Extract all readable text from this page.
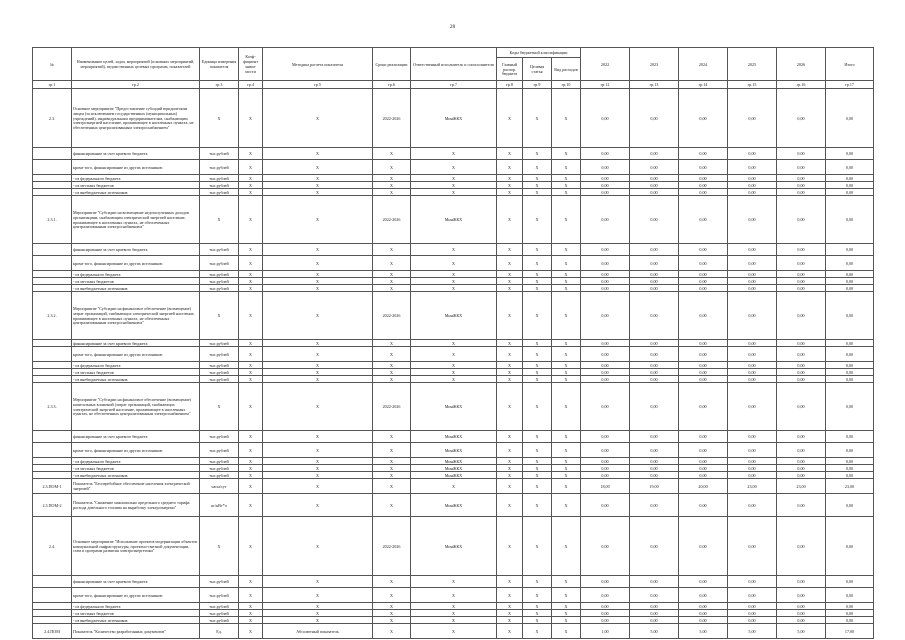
28
№	Наименование целей, задач, мероприятий (основных мероприятий, мероприятий), ведомственных целевых программ, показателей	Единица измерения показателя	Коэф-фициент значи-мости	Методика расчета показателя	Сроки реализации	Ответственный исполнитель и соисполнители	Коды бюджетной классификации			2022	2023	2024	2025	2026	Итого
							Главный распор. бюджета	Целевая статья	Вид расходов						
гр.1	гр.2	гр.3	гр.4	гр.5	гр.6	гр.7	гр.8	гр.9	гр.10	гр.12	гр.13	гр.14	гр.15	гр.16	гр.17
2.3.	Основное мероприятие "Предоставление субсидий юридическим лицам (за исключением государственных (муниципальных) учреждений), индивидуальным предпринимателям, снабжающим электроэнергией население, проживающее в населенных пунктах, не обеспеченных централизованным электроснабжением"	Х	Х	Х	2022-2026	МинЖКХ	Х	Х	Х	0,00	0,00	0,00	0,00	0,00	0,00
	финансирование за счет краевого бюджета	тыс.рублей	Х	Х	Х	Х	Х	Х	Х	0,00	0,00	0,00	0,00	0,00	0,00
	кроме того, финансирование из других источников:	тыс.рублей	Х	Х	Х	Х	Х	Х	Х	0,00	0,00	0,00	0,00	0,00	0,00
	- из федерального бюджета	тыс.рублей	Х	Х	Х	Х	Х	Х	Х	0,00	0,00	0,00	0,00	0,00	0,00
	- из местных бюджетов	тыс.рублей	Х	Х	Х	Х	Х	Х	Х	0,00	0,00	0,00	0,00	0,00	0,00
	- из внебюджетных источников	тыс.рублей	Х	Х	Х	Х	Х	Х	Х	0,00	0,00	0,00	0,00	0,00	0,00
2.3.1.	Мероприятие "Субсидии на возмещение недополученных доходов организациям, снабжающим электрической энергией население, проживающее в населенных пунктах, не обеспеченных централизованным электроснабжением"	Х	Х	Х	2022-2026	МинЖКХ	Х	Х	Х	0,00	0,00	0,00	0,00	0,00	0,00
	финансирование за счет краевого бюджета	тыс.рублей	Х	Х	Х	Х	Х	Х	Х	0,00	0,00	0,00	0,00	0,00	0,00
	кроме того, финансирование из других источников:	тыс.рублей	Х	Х	Х	Х	Х	Х	Х	0,00	0,00	0,00	0,00	0,00	0,00
	- из федерального бюджета	тыс.рублей	Х	Х	Х	Х	Х	Х	Х	0,00	0,00	0,00	0,00	0,00	0,00
	- из местных бюджетов	тыс.рублей	Х	Х	Х	Х	Х	Х	Х	0,00	0,00	0,00	0,00	0,00	0,00
	- из внебюджетных источников	тыс.рублей	Х	Х	Х	Х	Х	Х	Х	0,00	0,00	0,00	0,00	0,00	0,00
2.3.2.	Мероприятие "Субсидии на финансовое обеспечение (возмещение) затрат организаций, снабжающих электрической энергией население, проживающее в населенных пунктах, не обеспеченных централизованным электроснабжением"	Х	Х	Х	2022-2026	МинЖКХ	Х	Х	Х	0,00	0,00	0,00	0,00	0,00	0,00
	финансирование за счет краевого бюджета	тыс.рублей	Х	Х	Х	Х	Х	Х	Х	0,00	0,00	0,00	0,00	0,00	0,00
	кроме того, финансирование из других источников:	тыс.рублей	Х	Х	Х	Х	Х	Х	Х	0,00	0,00	0,00	0,00	0,00	0,00
	- из федерального бюджета	тыс.рублей	Х	Х	Х	Х	Х	Х	Х	0,00	0,00	0,00	0,00	0,00	0,00
	- из местных бюджетов	тыс.рублей	Х	Х	Х	Х	Х	Х	Х	0,00	0,00	0,00	0,00	0,00	0,00
	- из внебюджетных источников	тыс.рублей	Х	Х	Х	Х	Х	Х	Х	0,00	0,00	0,00	0,00	0,00	0,00
2.3.3.	Мероприятие "Субсидии на финансовое обеспечение (возмещение) капитальных вложений (затрат организаций, снабжающих электрической энергией население, проживающее в населенных пунктах, не обеспеченных централизованным электроснабжением"	Х	Х	Х	2022-2026	МинЖКХ	Х	Х	Х	0,00	0,00	0,00	0,00	0,00	0,00
	финансирование за счет краевого бюджета	тыс.рублей	Х	Х	Х	МинЖКХ	Х	Х	Х	0,00	0,00	0,00	0,00	0,00	0,00
	кроме того, финансирование из других источников:	тыс.рублей	Х	Х	Х	МинЖКХ	Х	Х	Х	0,00	0,00	0,00	0,00	0,00	0,00
	- из федерального бюджета	тыс.рублей	Х	Х	Х	МинЖКХ	Х	Х	Х	0,00	0,00	0,00	0,00	0,00	0,00
	- из местных бюджетов	тыс.рублей	Х	Х	Х	МинЖКХ	Х	Х	Х	0,00	0,00	0,00	0,00	0,00	0,00
	- из внебюджетных источников	тыс.рублей	Х	Х	Х	МинЖКХ	Х	Х	Х	0,00	0,00	0,00	0,00	0,00	0,00
2.3.ПОМ-1	Показатель "Бесперебойное обеспечение населения электрической энергией"	часы/сут	Х	Х	Х	Х	Х	Х	Х	18,00	19,00	20,00	23,00	23,00	23,00
2.3.ПОМ-2	Показатель "Снижение максимально предельного среднего тарифа расхода дизельного топлива на выработку электроэнергии"	кг/кВт*ч	Х	Х	Х	МинЖКХ	Х	Х	Х	0,00	0,00	0,00	0,00	0,00	0,00
2.4.	Основное мероприятие "Исполнение проектов модернизации объектов коммунальной инфраструктуры, проектно-сметной документации, схем и программ развития электроэнергетики"	Х	Х	Х	2022-2026	МинЖКХ	Х	Х	Х	0,00	0,00	0,00	0,00	0,00	0,00
	финансирование за счет краевого бюджета	тыс.рублей	Х	Х	Х	Х	Х	Х	Х	0,00	0,00	0,00	0,00	0,00	0,00
	кроме того, финансирование из других источников:	тыс.рублей	Х	Х	Х	Х	Х	Х	Х	0,00	0,00	0,00	0,00	0,00	0,00
	- из федерального бюджета	тыс.рублей	Х	Х	Х	Х	Х	Х	Х	0,00	0,00	0,00	0,00	0,00	0,00
	- из местных бюджетов	тыс.рублей	Х	Х	Х	Х	Х	Х	Х	0,00	0,00	0,00	0,00	0,00	0,00
	- из внебюджетных источников	тыс.рублей	Х	Х	Х	Х	Х	Х	Х	0,00	0,00	0,00	0,00	0,00	0,00
2.4.ПОМ	Показатель "Количество разработанных документов"	Ед.	Х	Абсолютный показатель	Х	Х	Х	Х	Х	1,00	5,00	5,00	5,00	5,00	17,00
